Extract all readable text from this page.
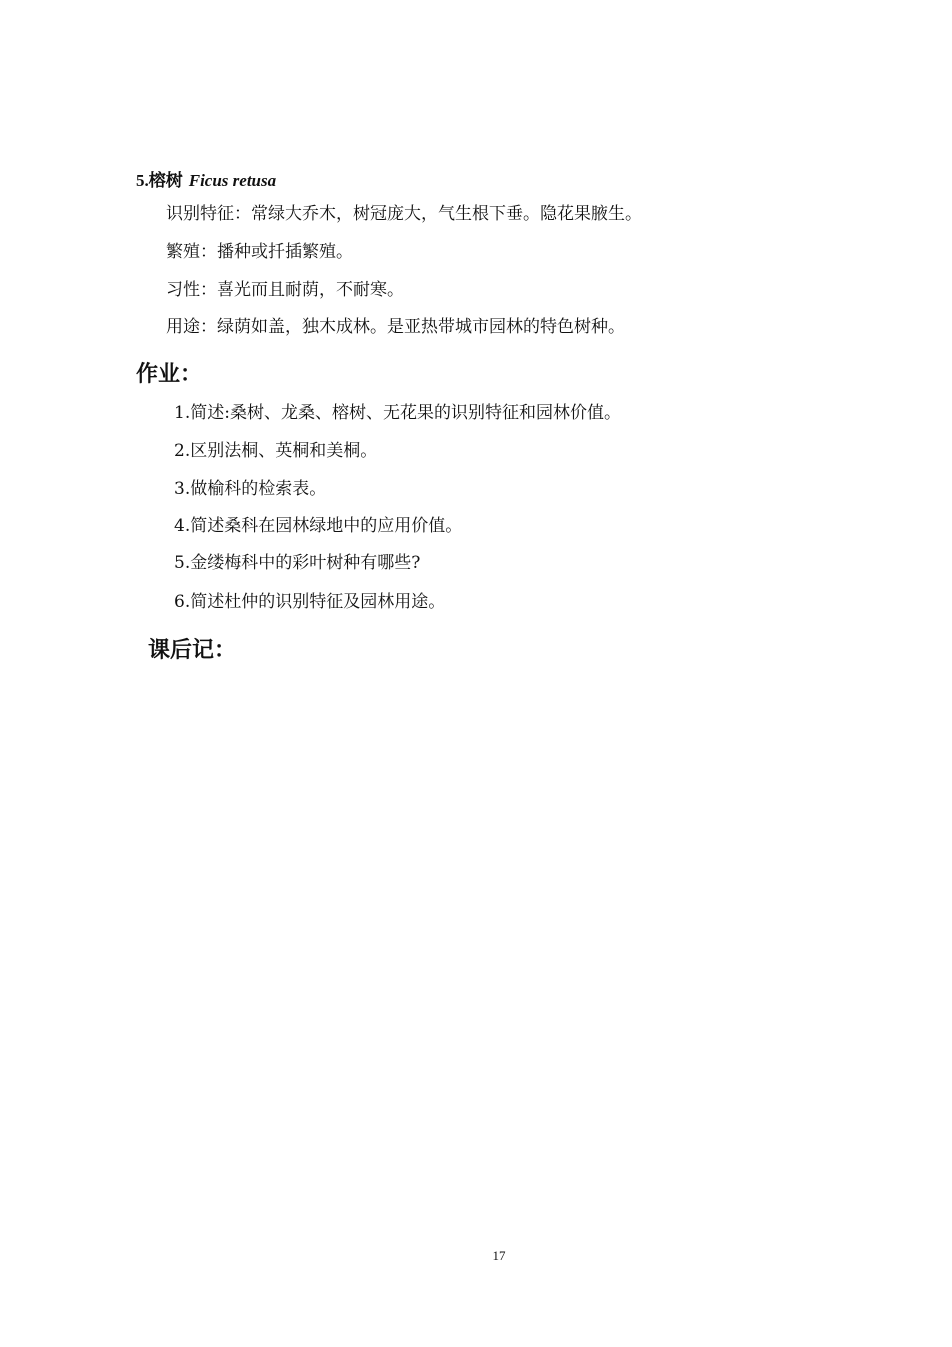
5.榕树 Ficus retusa
识别特征：常绿大乔木，树冠庞大，气生根下垂。隐花果腋生。
繁殖：播种或扦插繁殖。
习性：喜光而且耐荫，不耐寒。
用途：绿荫如盖，独木成林。是亚热带城市园林的特色树种。
作业：
1.简述:桑树、龙桑、榕树、无花果的识别特征和园林价值。
2.区别法桐、英桐和美桐。
3.做榆科的检索表。
4.简述桑科在园林绿地中的应用价值。
5.金缕梅科中的彩叶树种有哪些?
6.简述杜仲的识别特征及园林用途。
课后记：
17
